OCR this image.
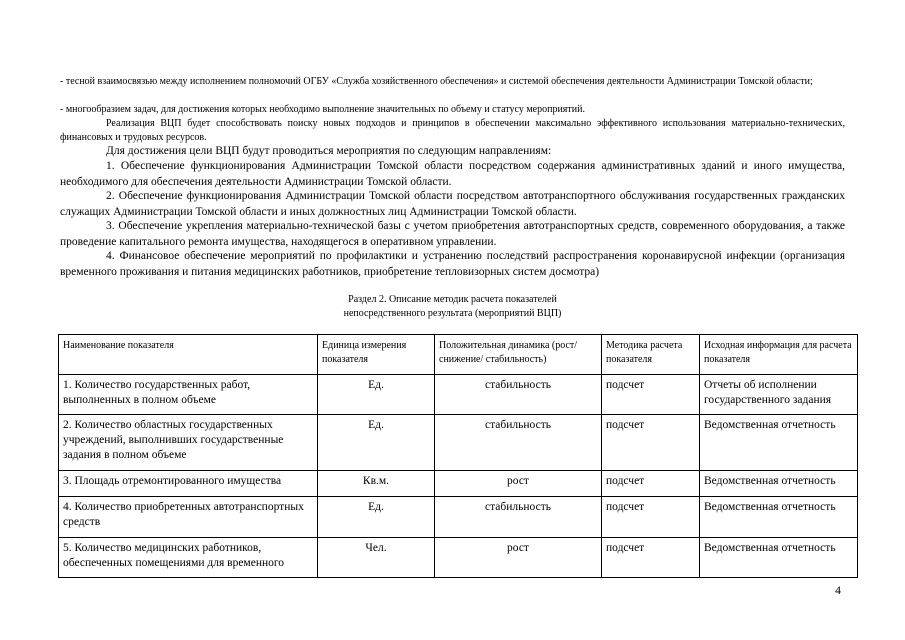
- тесной взаимосвязью между исполнением полномочий ОГБУ «Служба хозяйственного обеспечения» и системой обеспечения деятельности Администрации Томской области;
- многообразием задач, для достижения которых необходимо выполнение значительных по объему и статусу мероприятий.
Реализация ВЦП будет способствовать поиску новых подходов и принципов в обеспечении максимально эффективного использования материально-технических, финансовых и трудовых ресурсов.
Для достижения цели ВЦП будут проводиться мероприятия по следующим направлениям:
1. Обеспечение функционирования Администрации Томской области посредством содержания административных зданий и иного имущества, необходимого для обеспечения деятельности Администрации Томской области.
2. Обеспечение функционирования Администрации Томской области посредством автотранспортного обслуживания государственных гражданских служащих Администрации Томской области и иных должностных лиц Администрации Томской области.
3. Обеспечение укрепления материально-технической базы с учетом приобретения автотранспортных средств, современного оборудования, а также проведение капитального ремонта имущества, находящегося в оперативном управлении.
4. Финансовое обеспечение мероприятий по профилактики и устранению последствий распространения коронавирусной инфекции (организация временного проживания и питания медицинских работников, приобретение тепловизорных систем досмотра)
Раздел 2. Описание методик расчета показателей
непосредственного результата (мероприятий ВЦП)
Наименование показателя	Единица измерения показателя	Положительная динамика (рост/снижение/ стабильность)	Методика расчета показателя	Исходная информация для расчета показателя
1. Количество государственных работ, выполненных в полном объеме	Ед.	стабильность	подсчет	Отчеты об исполнении государственного задания
2. Количество областных государственных учреждений, выполнивших государственные задания в полном объеме	Ед.	стабильность	подсчет	Ведомственная отчетность
3. Площадь отремонтированного имущества	Кв.м.	рост	подсчет	Ведомственная отчетность
4. Количество приобретенных автотранспортных средств	Ед.	стабильность	подсчет	Ведомственная отчетность
5. Количество медицинских работников, обеспеченных помещениями для временного	Чел.	рост	подсчет	Ведомственная отчетность
4
